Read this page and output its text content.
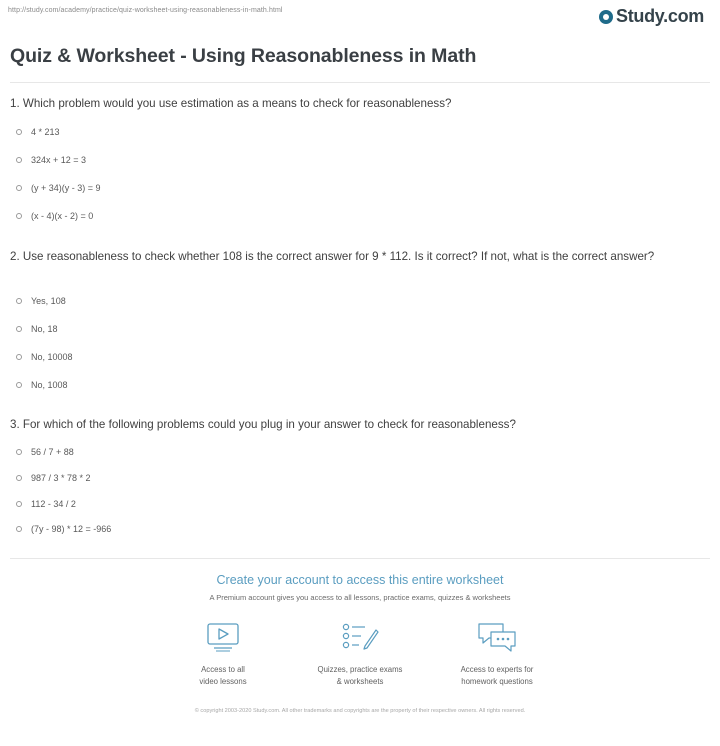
http://study.com/academy/practice/quiz-worksheet-using-reasonableness-in-math.html	Study.com
Quiz & Worksheet - Using Reasonableness in Math

1. Which problem would you use estimation as a means to check for reasonableness?

4 * 213
324x + 12 = 3
(y + 34)(y - 3) = 9
(x - 4)(x - 2) = 0

2. Use reasonableness to check whether 108 is the correct answer for 9 * 112. Is it correct? If not, what is the correct answer?

Yes, 108
No, 18
No, 10008
No, 1008

3. For which of the following problems could you plug in your answer to check for reasonableness?

56 / 7 + 88
987 / 3 * 78 * 2
112 - 34 / 2
(7y - 98) * 12 = -966
Create your account to access this entire worksheet
A Premium account gives you access to all lessons, practice exams, quizzes & worksheets
Access to all
video lessons
Quizzes, practice exams
& worksheets
Access to experts for
homework questions
© copyright 2003-2020 Study.com. All other trademarks and copyrights are the property of their respective owners. All rights reserved.
